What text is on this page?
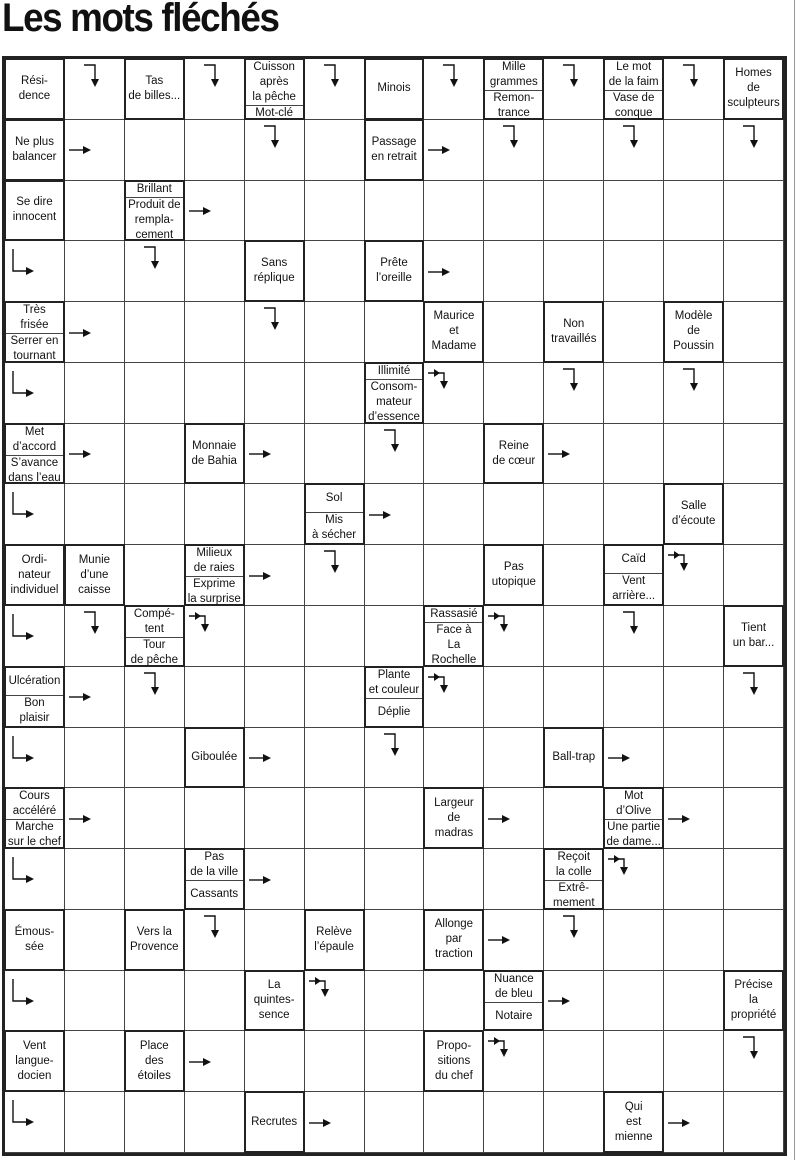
Les mots fléchés
Rési-
dence
Tas
de billes...
Cuisson
après
la pêche
Mot-clé
Minois
Mille
grammes
Remon-
trance
Le mot
de la faim
Vase de
conque
Homes
de
sculpteurs
Ne plus
balancer
Passage
en retrait
Se dire
innocent
Brillant
Produit de
rempla-
cement
Sans
réplique
Prête
l’oreille
Très
frisée
Serrer en
tournant
Maurice
et
Madame
Non
travaillés
Modèle
de
Poussin
Illimité
Consom-
mateur
d’essence
Met
d’accord
S’avance
dans l’eau
Monnaie
de Bahia
Reine
de cœur
Sol
Mis
à sécher
Salle
d’écoute
Ordi-
nateur
individuel
Munie
d’une
caisse
Milieux
de raies
Exprime
la surprise
Pas
utopique
Caïd
Vent
arrière...
Compé-
tent
Tour
de pêche
Rassasié
Face à
La
Rochelle
Tient
un bar...
Ulcération
Bon
plaisir
Plante
et couleur
Déplie
Giboulée	Ball-trap
Cours
accéléré
Marche
sur le chef
Largeur
de
madras
Mot
d’Olive
Une partie
de dame...
Pas
de la ville
Cassants
Reçoit
la colle
Extrê-
mement
Émous-
sée
Vers la
Provence
Relève
l’épaule
Allonge
par
traction
La
quintes-
sence
Nuance
de bleu
Notaire
Précise
la
propriété
Vent
langue-
docien
Place
des
étoiles
Propo-
sitions
du chef
Recrutes
Qui
est
mienne
